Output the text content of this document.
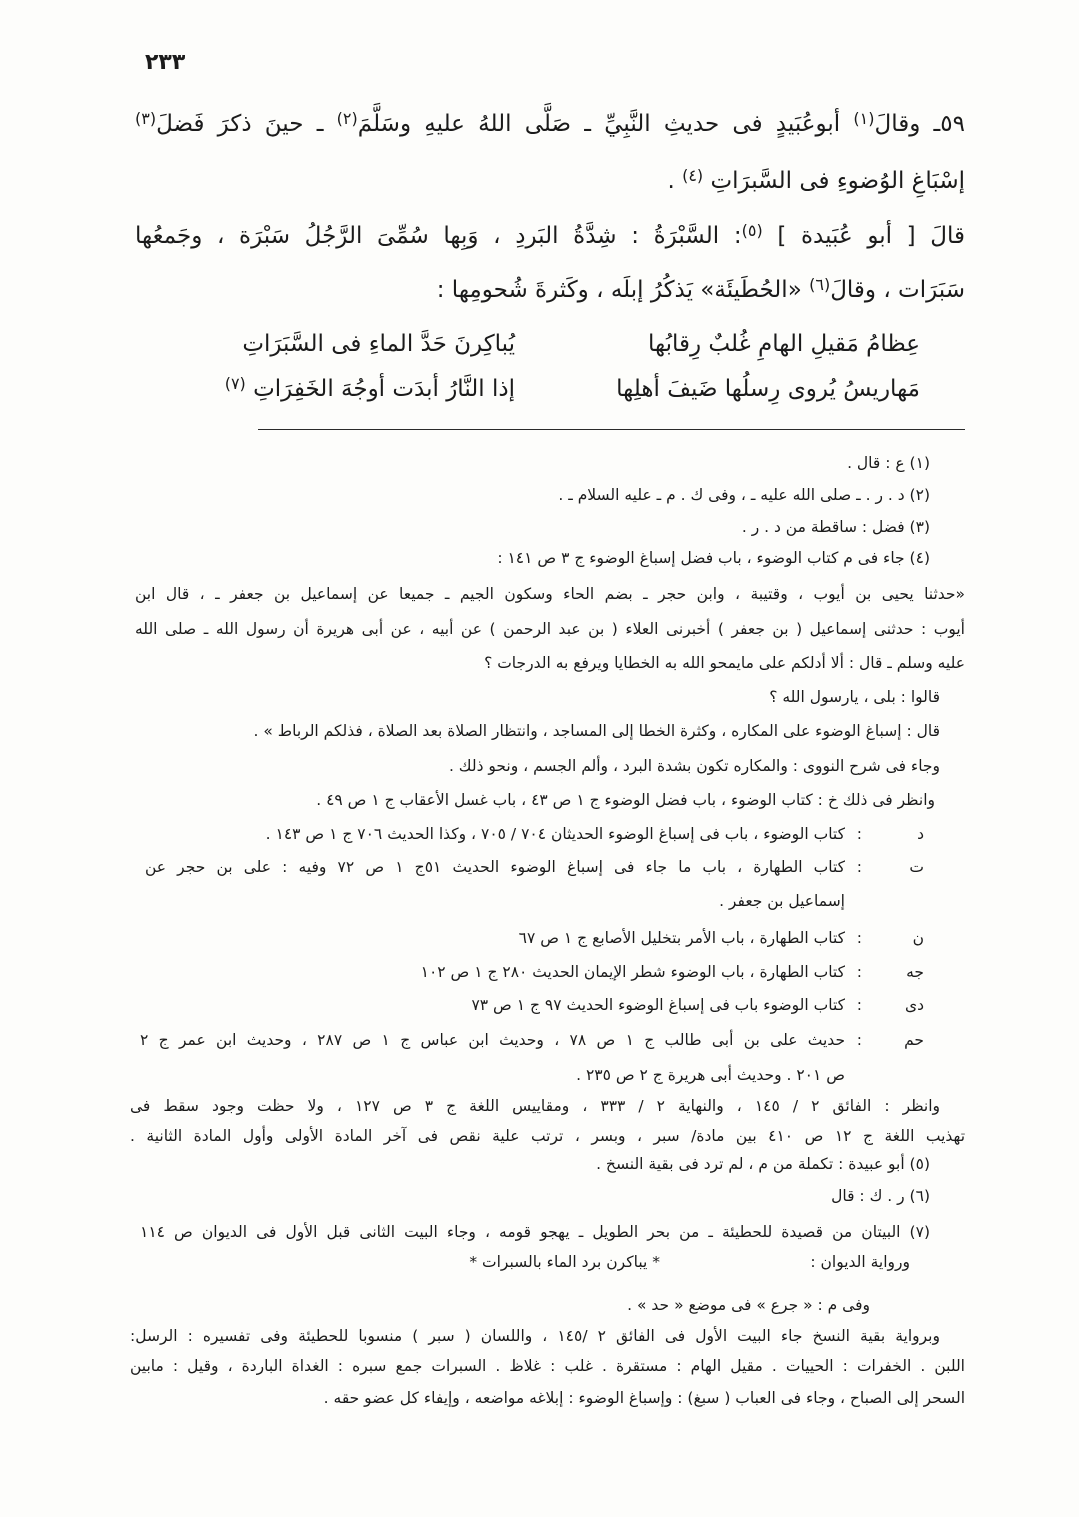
٢٣٣
٥٩ـ وقالَ$^{(١)}$ أبوعُبَيدٍ فى حديثِ النَّبِيِّ ـ صَلَّى اللهُ عليهِ وسَلَّمَ$^{(٢)}$ ـ حينَ ذكرَ فَضلَ$^{(٣)}$
إسْبَاغِ الوُضوءِ فى السَّبرَاتِ $^{(٤)}$ .
قالَ [ أبو عُبَيدة ] $^{(٥)}$: السَّبْرَةُ : شِدَّةُ البَردِ ، وَبِها سُمِّىَ الرَّجُلُ سَبْرَة ، وجَمعُها
سَبَرَات ، وقالَ$^{(٦)}$ «الحُطَيئَة» يَذكُرُ إبلَه ، وكَثرةَ شُحومِها :
عِظامُ مَقيلِ الهامِ غُلبٌ رِقابُها
يُباكِرنَ حَدَّ الماءِ فى السَّبَرَاتِ
مَهاريسُ يُروى رِسلُها ضَيفَ أهلِها
إذا النَّارُ أبدَت أوجُهَ الخَفِرَاتِ $^{(٧)}$
(١) ع : قال .
(٢) د . ر . ـ صلى الله عليه ـ ، وفى ك . م ـ عليه السلام ـ .
(٣) فضل : ساقطة من د . ر .
(٤) جاء فى م كتاب الوضوء ، باب فضل إسباغ الوضوء ج ٣ ص ١٤١ :
«حدثنا يحيى بن أيوب ، وقتيبة ، وابن حجر ـ بضم الحاء وسكون الجيم ـ جميعا عن إسماعيل بن جعفر ـ ، قال ابن
أيوب : حدثنى إسماعيل ( بن جعفر ) أخبرنى العلاء ( بن عبد الرحمن ) عن أبيه ، عن أبى هريرة أن رسول الله ـ صلى الله
عليه وسلم ـ قال : ألا أدلكم على مايمحو الله به الخطايا ويرفع به الدرجات ؟
قالوا : بلى ، يارسول الله ؟
قال : إسباغ الوضوء على المكاره ، وكثرة الخطا إلى المساجد ، وانتظار الصلاة بعد الصلاة ، فذلكم الرباط » .
وجاء فى شرح النووى : والمكاره تكون بشدة البرد ، وألم الجسم ، ونحو ذلك .
وانظر فى ذلك خ : كتاب الوضوء ، باب فضل الوضوء ج ١ ص ٤٣ ، باب غسل الأعقاب ج ١ ص ٤٩ .
د
:
كتاب الوضوء ، باب فى إسباغ الوضوء الحديثان ٧٠٤ / ٧٠٥ ، وكذا الحديث ٧٠٦ ج ١ ص ١٤٣ .
ت
:
كتاب الطهارة ، باب ما جاء فى إسباغ الوضوء الحديث ٥١ج ١ ص ٧٢ وفيه : على بن حجر عن
إسماعيل بن جعفر .
ن
:
كتاب الطهارة ، باب الأمر بتخليل الأصابع ج ١ ص ٦٧
جه
:
كتاب الطهارة ، باب الوضوء شطر الإيمان الحديث ٢٨٠ ج ١ ص ١٠٢
دى
:
كتاب الوضوء باب فى إسباغ الوضوء الحديث ٩٧ ج ١ ص ٧٣
حم
:
حديث على بن أبى طالب ج ١ ص ٧٨ ، وحديث ابن عباس ج ١ ص ٢٨٧ ، وحديث ابن عمر ج ٢
ص ٢٠١ . وحديث أبى هريرة ج ٢ ص ٢٣٥ .
وانظر : الفائق ٢ / ١٤٥ ، والنهاية ٢ / ٣٣٣ ، ومقاييس اللغة ج ٣ ص ١٢٧ ، ولا حظت وجود سقط فى
تهذيب اللغة ج ١٢ ص ٤١٠ بين مادة/ سبر ، وبسر ، ترتب علية نقص فى آخر المادة الأولى وأول المادة الثانية .
(٥) أبو عبيدة : تكملة من م ، لم ترد فى بقية النسخ .
(٦) ر . ك : قال
(٧) البيتان من قصيدة للحطيئة ـ من بحر الطويل ـ يهجو قومه ، وجاء البيت الثانى قبل الأول فى الديوان ص ١١٤
ورواية الديوان :
* يباكرن برد الماء بالسبرات *
وفى م : « جرع » فى موضع « حد » .
وبرواية بقية النسخ جاء البيت الأول فى الفائق ٢ /١٤٥ ، واللسان ( سبر ) منسوبا للحطيئة وفى تفسيره : الرسل:
اللبن . الخفرات : الحييات . مقيل الهام : مستقرة . غلب : غلاظ . السبرات جمع سبره : الغداة الباردة ، وقيل : مابين
السحر إلى الصباح ، وجاء فى العباب ( سبغ) : وإسباغ الوضوء : إبلاغه مواضعه ، وإيفاء كل عضو حقه .
